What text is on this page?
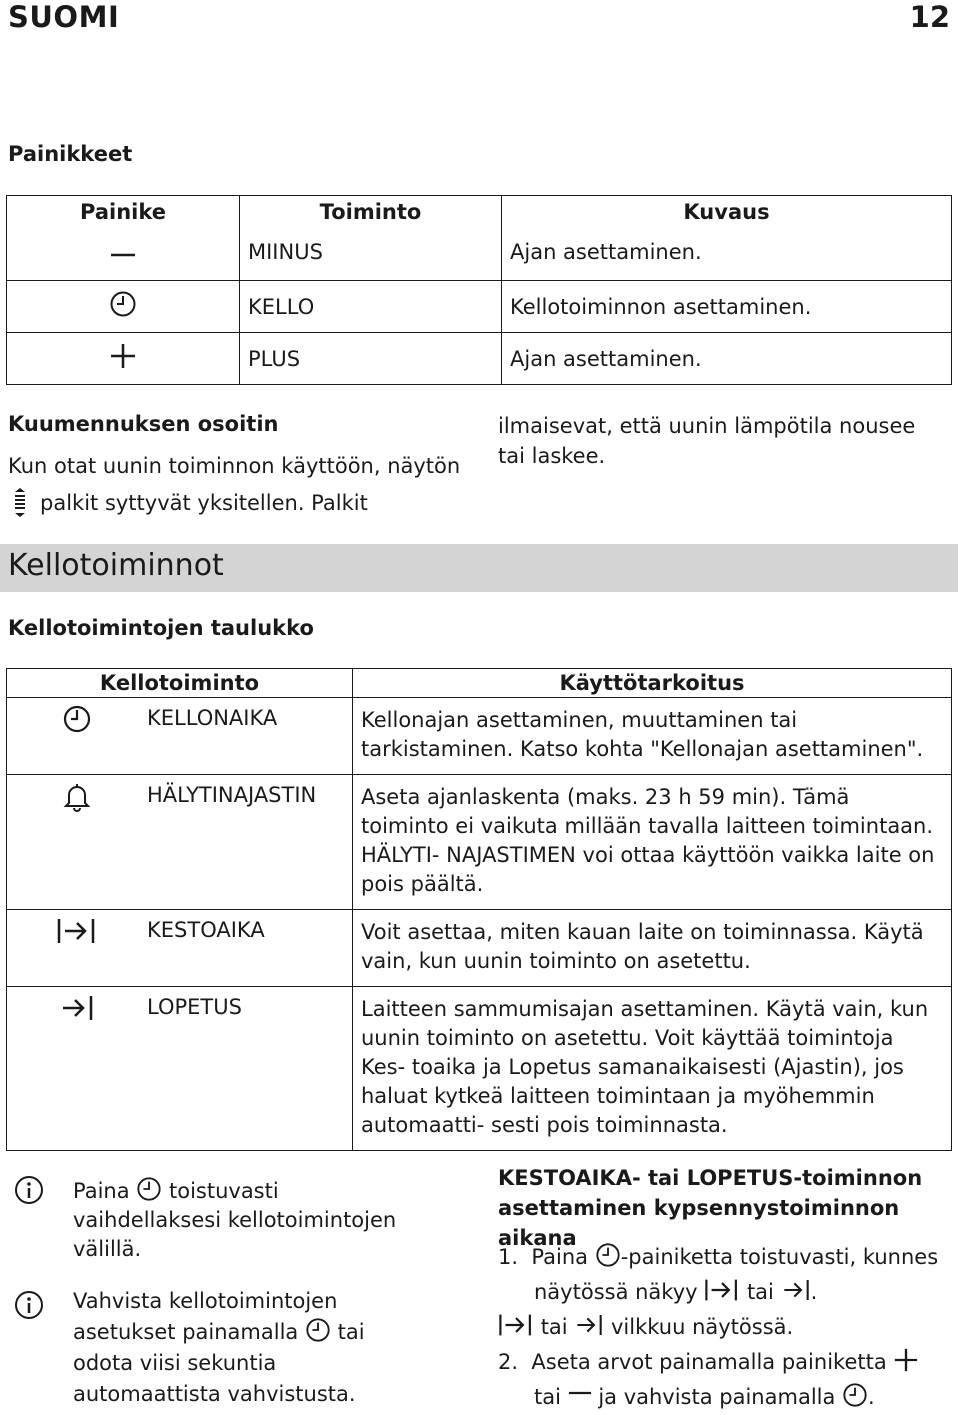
SUOMI	12
Painikkeet
Painike	Toiminto	Kuvaus
	MIINUS	Ajan asettaminen.
	KELLO	Kellotoiminnon asettaminen.
	PLUS	Ajan asettaminen.
Kuumennuksen osoitin
Kun otat uunin toiminnon käyttöön, näytön
palkit syttyvät yksitellen. Palkit
ilmaisevat, että uunin lämpötila nousee tai laskee.
Kellotoiminnot
Kellotoimintojen taulukko
Kellotoiminto		Käyttötarkoitus
	KELLONAIKA	Kellonajan asettaminen, muuttaminen tai tarkistaminen. Katso kohta "Kellonajan asettaminen".
	HÄLYTINAJASTIN	Aseta ajanlaskenta (maks. 23 h 59 min). Tämä toiminto ei vaikuta millään tavalla laitteen toimintaan. HÄLYTI- NAJASTIMEN voi ottaa käyttöön vaikka laite on pois päältä.
	KESTOAIKA	Voit asettaa, miten kauan laite on toiminnassa. Käytä vain, kun uunin toiminto on asetettu.
	LOPETUS	Laitteen sammumisajan asettaminen. Käytä vain, kun uunin toiminto on asetettu. Voit käyttää toimintoja Kes- toaika ja Lopetus samanaikaisesti (Ajastin), jos haluat kytkeä laitteen toimintaan ja myöhemmin automaatti- sesti pois toiminnasta.
Paina toistuvasti
vaihdellaksesi kellotoimintojen
välillä.
Vahvista kellotoimintojen
asetukset painamalla tai
odota viisi sekuntia
automaattista vahvistusta.
KESTOAIKA- tai LOPETUS-toiminnon
asettaminen kypsennystoiminnon aikana
1. Paina -painiketta toistuvasti, kunnes
näytössä näkyy tai .
tai vilkkuu näytössä.
2. Aseta arvot painamalla painiketta
tai ja vahvista painamalla .
